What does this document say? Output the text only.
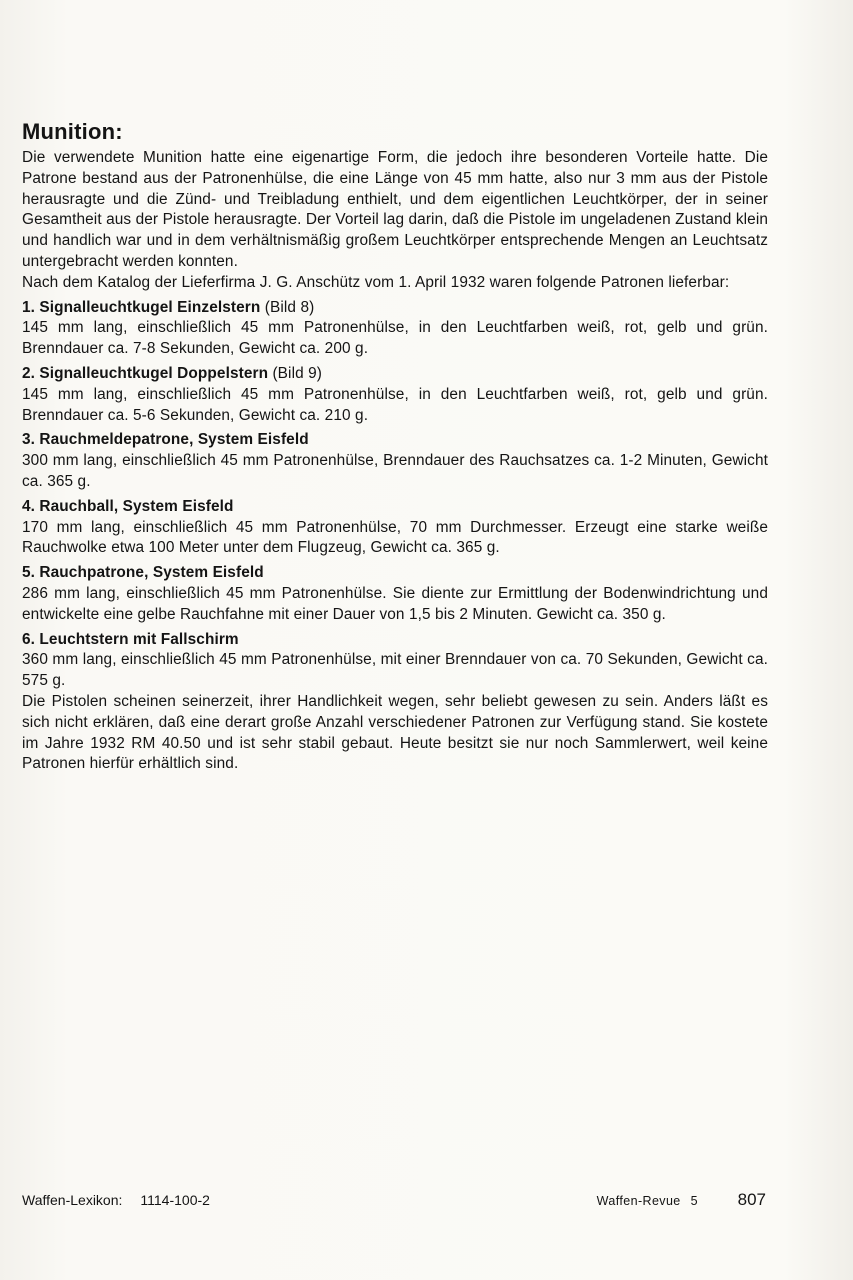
Munition:

Die verwendete Munition hatte eine eigenartige Form, die jedoch ihre besonderen Vorteile hatte. Die Patrone bestand aus der Patronenhülse, die eine Länge von 45 mm hatte, also nur 3 mm aus der Pistole herausragte und die Zünd- und Treibladung enthielt, und dem eigentlichen Leuchtkörper, der in seiner Gesamtheit aus der Pistole herausragte. Der Vorteil lag darin, daß die Pistole im ungeladenen Zustand klein und handlich war und in dem verhältnismäßig großem Leuchtkörper entsprechende Mengen an Leuchtsatz untergebracht werden konnten.

Nach dem Katalog der Lieferfirma J. G. Anschütz vom 1. April 1932 waren folgende Patronen lieferbar:

1. Signalleuchtkugel Einzelstern (Bild 8)

145 mm lang, einschließlich 45 mm Patronenhülse, in den Leuchtfarben weiß, rot, gelb und grün. Brenndauer ca. 7-8 Sekunden, Gewicht ca. 200 g.

2. Signalleuchtkugel Doppelstern (Bild 9)

145 mm lang, einschließlich 45 mm Patronenhülse, in den Leuchtfarben weiß, rot, gelb und grün. Brenndauer ca. 5-6 Sekunden, Gewicht ca. 210 g.

3. Rauchmeldepatrone, System Eisfeld

300 mm lang, einschließlich 45 mm Patronenhülse, Brenndauer des Rauchsatzes ca. 1-2 Minuten, Gewicht ca. 365 g.

4. Rauchball, System Eisfeld

170 mm lang, einschließlich 45 mm Patronenhülse, 70 mm Durchmesser. Erzeugt eine starke weiße Rauchwolke etwa 100 Meter unter dem Flugzeug, Gewicht ca. 365 g.

5. Rauchpatrone, System Eisfeld

286 mm lang, einschließlich 45 mm Patronenhülse. Sie diente zur Ermittlung der Bodenwindrichtung und entwickelte eine gelbe Rauchfahne mit einer Dauer von 1,5 bis 2 Minuten. Gewicht ca. 350 g.

6. Leuchtstern mit Fallschirm

360 mm lang, einschließlich 45 mm Patronenhülse, mit einer Brenndauer von ca. 70 Sekunden, Gewicht ca. 575 g.

Die Pistolen scheinen seinerzeit, ihrer Handlichkeit wegen, sehr beliebt gewesen zu sein. Anders läßt es sich nicht erklären, daß eine derart große Anzahl verschiedener Patronen zur Verfügung stand. Sie kostete im Jahre 1932 RM 40.50 und ist sehr stabil gebaut. Heute besitzt sie nur noch Sammlerwert, weil keine Patronen hierfür erhältlich sind.

Waffen-Lexikon: 1114-100-2	Waffen-Revue 5 807
